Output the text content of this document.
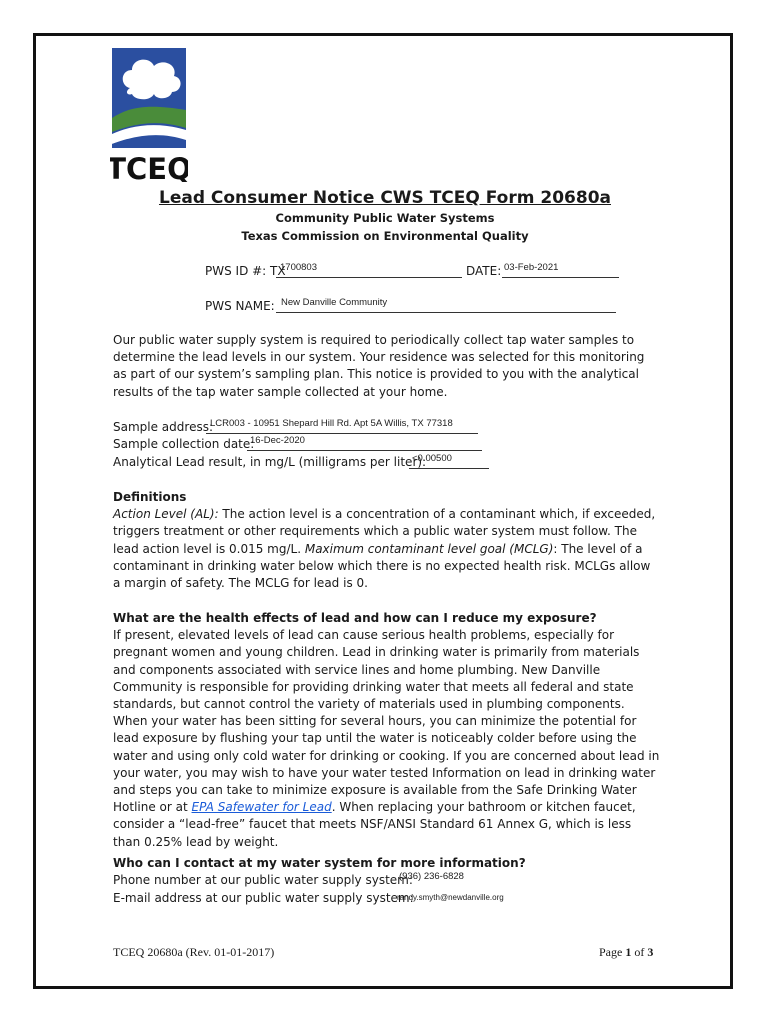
TCEQ
Lead Consumer Notice CWS TCEQ Form 20680a
Community Public Water Systems
Texas Commission on Environmental Quality
PWS ID #: TX
1700803	DATE: 03-Feb-2021
PWS NAME: New Danville Community

Our public water supply system is required to periodically collect tap water samples to determine the lead levels in our system. Your residence was selected for this monitoring as part of our system’s sampling plan. This notice is provided to you with the analytical results of the tap water sample collected at your home.

Sample address:
LCR003 - 10951 Shepard Hill Rd. Apt 5A Willis, TX 77318
Sample collection date:
16-Dec-2020
Analytical Lead result, in mg/L (milligrams per liter):
<0.00500

Definitions

Action Level (AL): The action level is a concentration of a contaminant which, if exceeded, triggers treatment or other requirements which a public water system must follow. The lead action level is 0.015 mg/L. Maximum contaminant level goal (MCLG): The level of a contaminant in drinking water below which there is no expected health risk. MCLGs allow a margin of safety. The MCLG for lead is 0.

What are the health effects of lead and how can I reduce my exposure?

If present, elevated levels of lead can cause serious health problems, especially for pregnant women and young children. Lead in drinking water is primarily from materials and components associated with service lines and home plumbing. New Danville Community is responsible for providing drinking water that meets all federal and state standards, but cannot control the variety of materials used in plumbing components. When your water has been sitting for several hours, you can minimize the potential for lead exposure by flushing your tap until the water is noticeably colder before using the water and using only cold water for drinking or cooking. If you are concerned about lead in your water, you may wish to have your water tested Information on lead in drinking water and steps you can take to minimize exposure is available from the Safe Drinking Water Hotline or at EPA Safewater for Lead. When replacing your bathroom or kitchen faucet, consider a “lead-free” faucet that meets NSF/ANSI Standard 61 Annex G, which is less than 0.25% lead by weight.

Who can I contact at my water system for more information?

Phone number at our public water supply system:
(936) 236-6828
E-mail address at our public water supply system:
randy.smyth@newdanville.org
TCEQ 20680a (Rev. 01-01-2017)	Page 1 of 3
